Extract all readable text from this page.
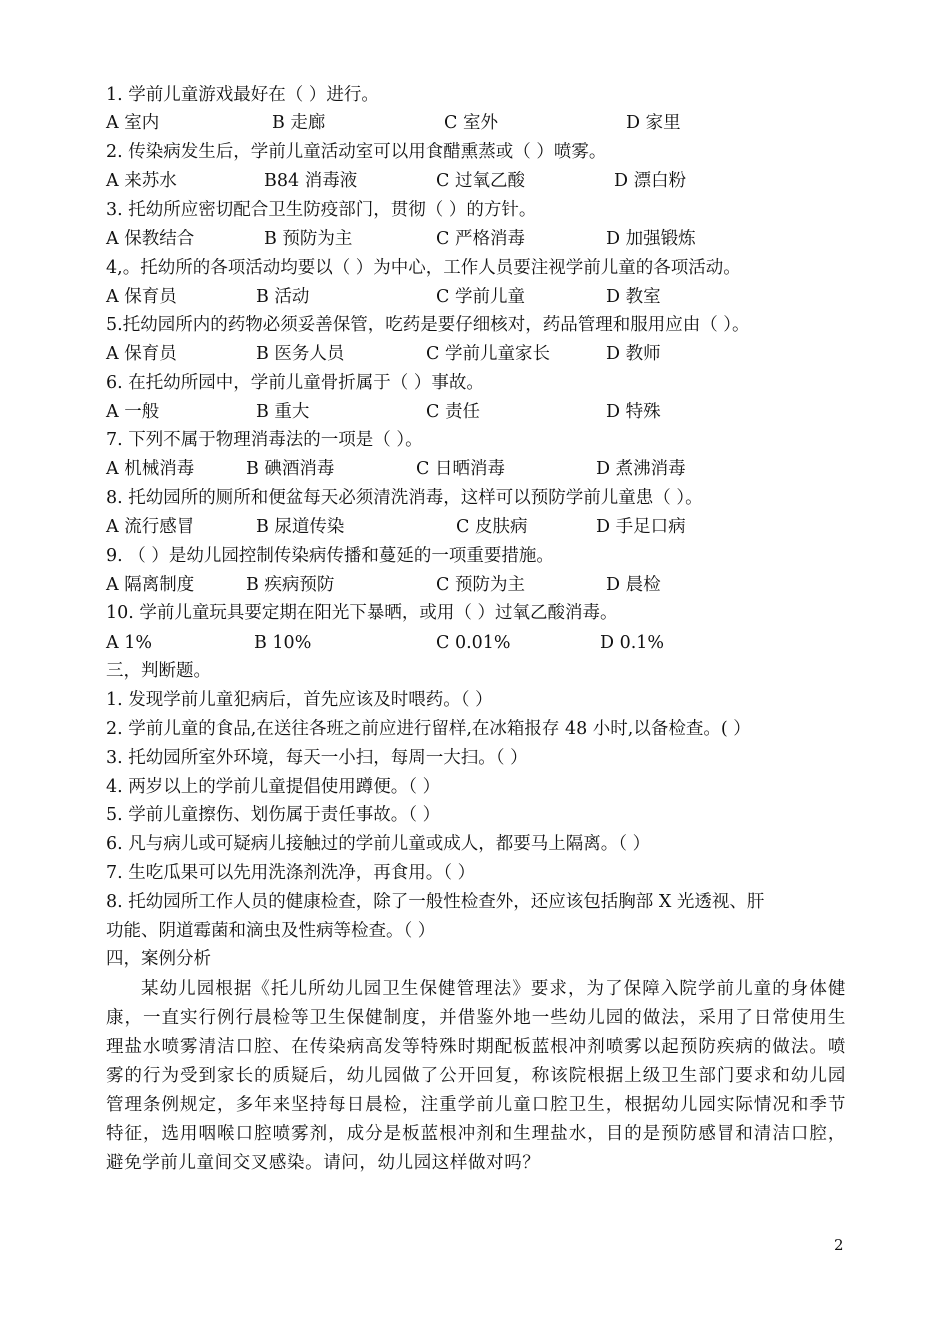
1. 学前儿童游戏最好在（ ）进行。
A 室内	B 走廊	C 室外	D 家里
2. 传染病发生后，学前儿童活动室可以用食醋熏蒸或（ ）喷雾。
A 来苏水	B84 消毒液	C 过氧乙酸	D 漂白粉
3. 托幼所应密切配合卫生防疫部门，贯彻（ ）的方针。
A 保教结合	B 预防为主	C 严格消毒	D 加强锻炼
4,。托幼所的各项活动均要以（ ）为中心，工作人员要注视学前儿童的各项活动。
A 保育员	B 活动	C 学前儿童	D 教室
5.托幼园所内的药物必须妥善保管，吃药是要仔细核对，药品管理和服用应由（ ）。
A 保育员	B 医务人员	C 学前儿童家长	D 教师
6. 在托幼所园中，学前儿童骨折属于（ ）事故。
A 一般	B 重大	C 责任	D 特殊
7. 下列不属于物理消毒法的一项是（ ）。
A 机械消毒	B 碘酒消毒	C 日晒消毒	D 煮沸消毒
8. 托幼园所的厕所和便盆每天必须清洗消毒，这样可以预防学前儿童患（ ）。
A 流行感冒	B 尿道传染	C 皮肤病	D 手足口病
9. （ ）是幼儿园控制传染病传播和蔓延的一项重要措施。
A 隔离制度	B 疾病预防	C 预防为主	D 晨检
10. 学前儿童玩具要定期在阳光下暴晒，或用（ ）过氧乙酸消毒。
A 1%	B 10%	C 0.01%	D 0.1%
三，判断题。
1. 发现学前儿童犯病后，首先应该及时喂药。（ ）
2. 学前儿童的食品,在送往各班之前应进行留样,在冰箱报存 48 小时,以备检查。( ）
3. 托幼园所室外环境，每天一小扫，每周一大扫。（ ）
4. 两岁以上的学前儿童提倡使用蹲便。（ ）
5. 学前儿童擦伤、划伤属于责任事故。（ ）
6. 凡与病儿或可疑病儿接触过的学前儿童或成人，都要马上隔离。（ ）
7. 生吃瓜果可以先用洗涤剂洗净，再食用。（ ）
8. 托幼园所工作人员的健康检查，除了一般性检查外，还应该包括胸部 X 光透视、肝
功能、阴道霉菌和滴虫及性病等检查。（ ）
四，案例分析
某幼儿园根据《托儿所幼儿园卫生保健管理法》要求，为了保障入院学前儿童的身体健康，一直实行例行晨检等卫生保健制度，并借鉴外地一些幼儿园的做法，采用了日常使用生理盐水喷雾清洁口腔、在传染病高发等特殊时期配板蓝根冲剂喷雾以起预防疾病的做法。喷雾的行为受到家长的质疑后，幼儿园做了公开回复，称该院根据上级卫生部门要求和幼儿园管理条例规定，多年来坚持每日晨检，注重学前儿童口腔卫生，根据幼儿园实际情况和季节特征，选用咽喉口腔喷雾剂，成分是板蓝根冲剂和生理盐水，目的是预防感冒和清洁口腔，避免学前儿童间交叉感染。请问，幼儿园这样做对吗？
2
